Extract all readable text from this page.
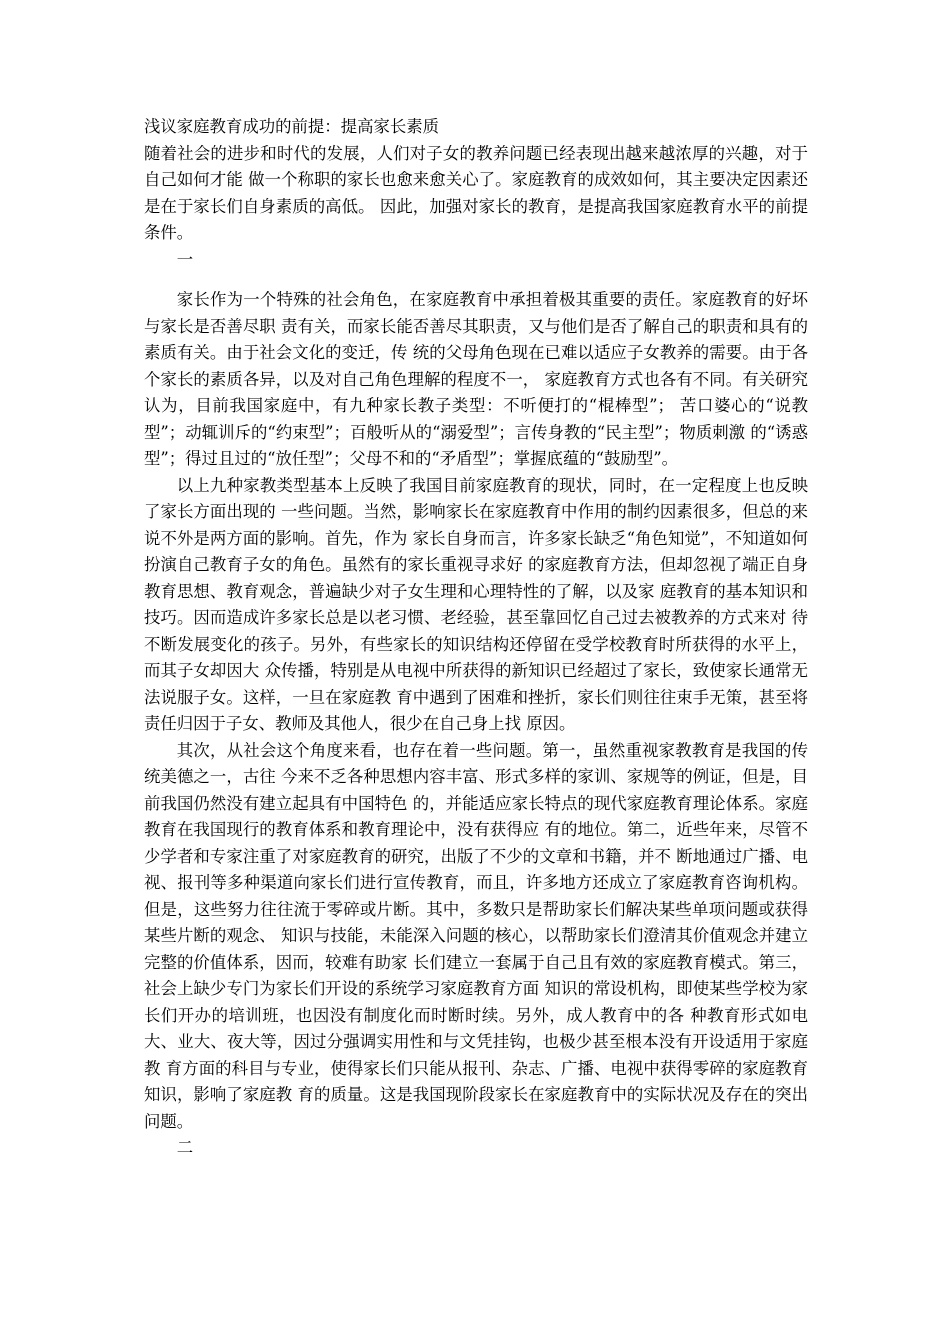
浅议家庭教育成功的前提：提高家长素质

随着社会的进步和时代的发展，人们对子女的教养问题已经表现出越来越浓厚的兴趣，对于自己如何才能 做一个称职的家长也愈来愈关心了。家庭教育的成效如何，其主要决定因素还是在于家长们自身素质的高低。 因此，加强对家长的教育，是提高我国家庭教育水平的前提条件。

一

家长作为一个特殊的社会角色，在家庭教育中承担着极其重要的责任。家庭教育的好坏与家长是否善尽职 责有关，而家长能否善尽其职责，又与他们是否了解自己的职责和具有的素质有关。由于社会文化的变迁，传 统的父母角色现在已难以适应子女教养的需要。由于各个家长的素质各异，以及对自己角色理解的程度不一， 家庭教育方式也各有不同。有关研究认为，目前我国家庭中，有九种家长教子类型：不听便打的“棍棒型”； 苦口婆心的“说教型”；动辄训斥的“约束型”；百般听从的“溺爱型”；言传身教的“民主型”；物质刺激 的“诱惑型”；得过且过的“放任型”；父母不和的“矛盾型”；掌握底蕴的“鼓励型”。

以上九种家教类型基本上反映了我国目前家庭教育的现状，同时，在一定程度上也反映了家长方面出现的 一些问题。当然，影响家长在家庭教育中作用的制约因素很多，但总的来说不外是两方面的影响。首先，作为 家长自身而言，许多家长缺乏“角色知觉”，不知道如何扮演自己教育子女的角色。虽然有的家长重视寻求好 的家庭教育方法，但却忽视了端正自身教育思想、教育观念，普遍缺少对子女生理和心理特性的了解，以及家 庭教育的基本知识和技巧。因而造成许多家长总是以老习惯、老经验，甚至靠回忆自己过去被教养的方式来对 待不断发展变化的孩子。另外，有些家长的知识结构还停留在受学校教育时所获得的水平上，而其子女却因大 众传播，特别是从电视中所获得的新知识已经超过了家长，致使家长通常无法说服子女。这样，一旦在家庭教 育中遇到了困难和挫折，家长们则往往束手无策，甚至将责任归因于子女、教师及其他人，很少在自己身上找 原因。

其次，从社会这个角度来看，也存在着一些问题。第一，虽然重视家教教育是我国的传统美德之一，古往 今来不乏各种思想内容丰富、形式多样的家训、家规等的例证，但是，目前我国仍然没有建立起具有中国特色 的，并能适应家长特点的现代家庭教育理论体系。家庭教育在我国现行的教育体系和教育理论中，没有获得应 有的地位。第二，近些年来，尽管不少学者和专家注重了对家庭教育的研究，出版了不少的文章和书籍，并不 断地通过广播、电视、报刊等多种渠道向家长们进行宣传教育，而且，许多地方还成立了家庭教育咨询机构。但是，这些努力往往流于零碎或片断。其中，多数只是帮助家长们解决某些单项问题或获得某些片断的观念、 知识与技能，未能深入问题的核心，以帮助家长们澄清其价值观念并建立完整的价值体系，因而，较难有助家 长们建立一套属于自己且有效的家庭教育模式。第三，社会上缺少专门为家长们开设的系统学习家庭教育方面 知识的常设机构，即使某些学校为家长们开办的培训班，也因没有制度化而时断时续。另外，成人教育中的各 种教育形式如电大、业大、夜大等，因过分强调实用性和与文凭挂钩，也极少甚至根本没有开设适用于家庭教 育方面的科目与专业，使得家长们只能从报刊、杂志、广播、电视中获得零碎的家庭教育知识，影响了家庭教 育的质量。这是我国现阶段家长在家庭教育中的实际状况及存在的突出问题。

二
